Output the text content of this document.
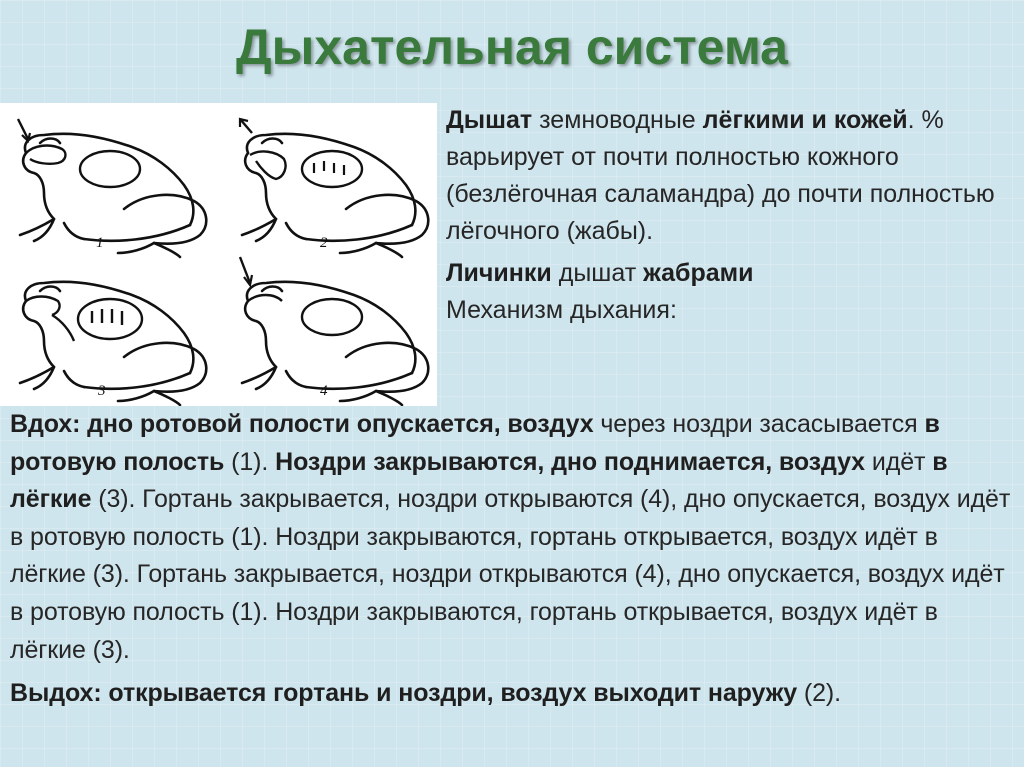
Дыхательная система
1	2
3	4

Дышат земноводные лёгкими и кожей. % варьирует от почти полностью кожного (безлёгочная саламандра) до почти полностью лёгочного (жабы).

Личинки дышат жабрами

Механизм дыхания:

Вдох: дно ротовой полости опускается, воздух через ноздри засасывается в ротовую полость (1). Ноздри закрываются, дно поднимается, воздух идёт в лёгкие (3). Гортань закрывается, ноздри открываются (4), дно опускается, воздух идёт в ротовую полость (1). Ноздри закрываются, гортань открывается, воздух идёт в лёгкие (3). Гортань закрывается, ноздри открываются (4), дно опускается, воздух идёт в ротовую полость (1). Ноздри закрываются, гортань открывается, воздух идёт в лёгкие (3).

Выдох: открывается гортань и ноздри, воздух выходит наружу (2).
